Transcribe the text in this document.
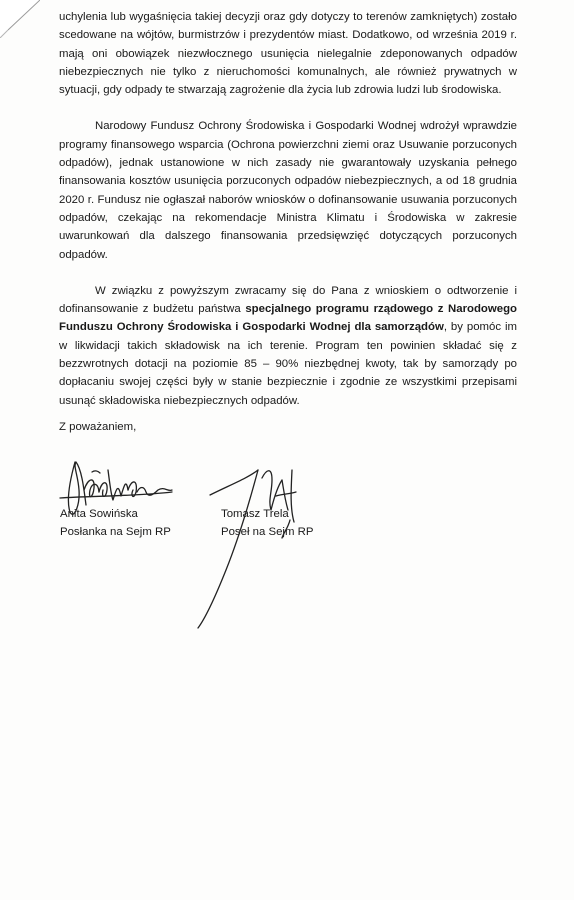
uchylenia lub wygaśnięcia takiej decyzji oraz gdy dotyczy to terenów zamkniętych) zostało scedowane na wójtów, burmistrzów i prezydentów miast. Dodatkowo, od września 2019 r. mają oni obowiązek niezwłocznego usunięcia nielegalnie zdeponowanych odpadów niebezpiecznych nie tylko z nieruchomości komunalnych, ale również prywatnych w sytuacji, gdy odpady te stwarzają zagrożenie dla życia lub zdrowia ludzi lub środowiska.

Narodowy Fundusz Ochrony Środowiska i Gospodarki Wodnej wdrożył wprawdzie programy finansowego wsparcia (Ochrona powierzchni ziemi oraz Usuwanie porzuconych odpadów), jednak ustanowione w nich zasady nie gwarantowały uzyskania pełnego finansowania kosztów usunięcia porzuconych odpadów niebezpiecznych, a od 18 grudnia 2020 r. Fundusz nie ogłaszał naborów wniosków o dofinansowanie usuwania porzuconych odpadów, czekając na rekomendacje Ministra Klimatu i Środowiska w zakresie uwarunkowań dla dalszego finansowania przedsięwzięć dotyczących porzuconych odpadów.

W związku z powyższym zwracamy się do Pana z wnioskiem o odtworzenie i dofinansowanie z budżetu państwa specjalnego programu rządowego z Narodowego Funduszu Ochrony Środowiska i Gospodarki Wodnej dla samorządów, by pomóc im w likwidacji takich składowisk na ich terenie. Program ten powinien składać się z bezzwrotnych dotacji na poziomie 85 – 90% niezbędnej kwoty, tak by samorządy po dopłacaniu swojej części były w stanie bezpiecznie i zgodnie ze wszystkimi przepisami usunąć składowiska niebezpiecznych odpadów.

Z poważaniem,
Anita Sowińska
Posłanka na Sejm RP
Tomasz Trela
Poseł na Sejm RP
